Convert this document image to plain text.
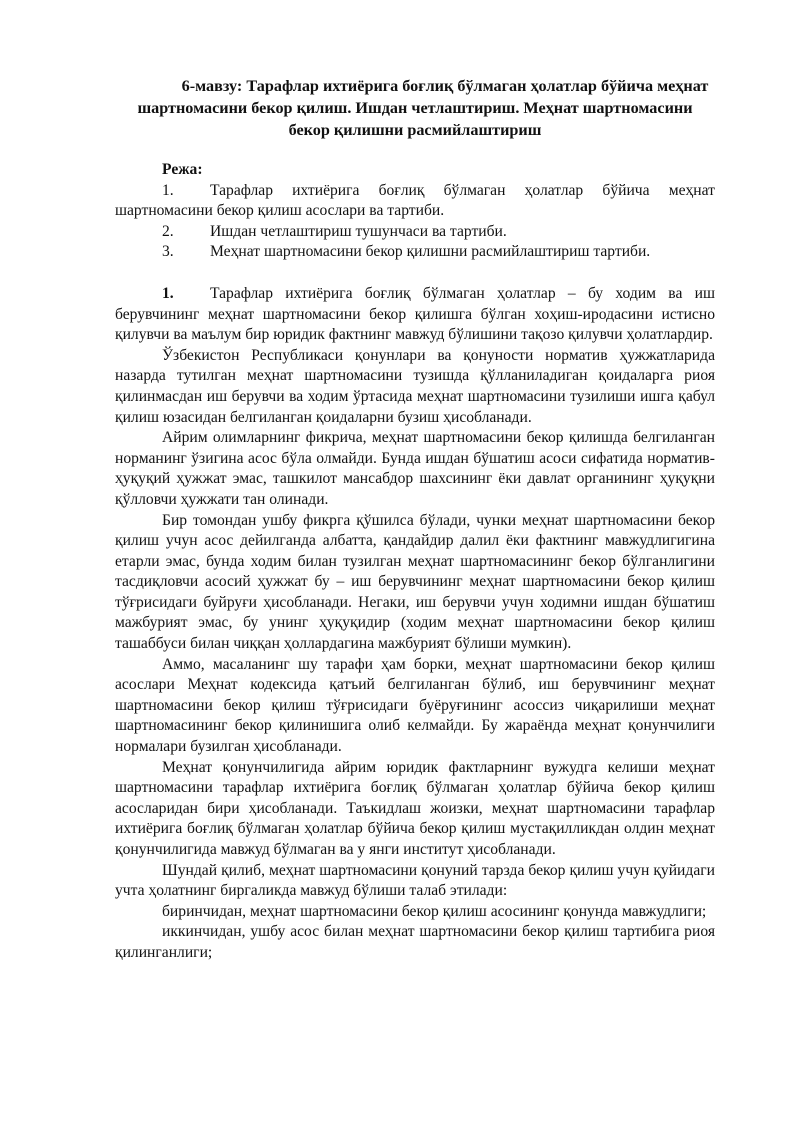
6-мавзу: Тарафлар ихтиёрига боғлиқ бўлмаган ҳолатлар бўйича меҳнат
шартномасини бекор қилиш. Ишдан четлаштириш. Меҳнат шартномасини
бекор қилишни расмийлаштириш
Режа:

1. Тарафлар ихтиёрига боғлиқ бўлмаган ҳолатлар бўйича меҳнат шартномасини бекор қилиш асослари ва тартиби.

2. Ишдан четлаштириш тушунчаси ва тартиби.

3. Меҳнат шартномасини бекор қилишни расмийлаштириш тартиби.

1. Тарафлар ихтиёрига боғлиқ бўлмаган ҳолатлар – бу ходим ва иш берувчининг меҳнат шартномасини бекор қилишга бўлган хоҳиш-иродасини истисно қилувчи ва маълум бир юридик фактнинг мавжуд бўлишини тақозо қилувчи ҳолатлардир.

Ўзбекистон Республикаси қонунлари ва қонуности норматив ҳужжатларида назарда тутилган меҳнат шартномасини тузишда қўлланиладиган қоидаларга риоя қилинмасдан иш берувчи ва ходим ўртасида меҳнат шартномасини тузилиши ишга қабул қилиш юзасидан белгиланган қоидаларни бузиш ҳисобланади.

Айрим олимларнинг фикрича, меҳнат шартномасини бекор қилишда белгиланган норманинг ўзигина асос бўла олмайди. Бунда ишдан бўшатиш асоси сифатида норматив-ҳуқуқий ҳужжат эмас, ташкилот мансабдор шахсининг ёки давлат органининг ҳуқуқни қўлловчи ҳужжати тан олинади.

Бир томондан ушбу фикрга қўшилса бўлади, чунки меҳнат шартномасини бекор қилиш учун асос дейилганда албатта, қандайдир далил ёки фактнинг мавжудлигигина етарли эмас, бунда ходим билан тузилган меҳнат шартномасининг бекор бўлганлигини тасдиқловчи асосий ҳужжат бу – иш берувчининг меҳнат шартномасини бекор қилиш тўғрисидаги буйруғи ҳисобланади. Негаки, иш берувчи учун ходимни ишдан бўшатиш мажбурият эмас, бу унинг ҳуқуқидир (ходим меҳнат шартномасини бекор қилиш ташаббуси билан чиққан ҳоллардагина мажбурият бўлиши мумкин).

Аммо, масаланинг шу тарафи ҳам борки, меҳнат шартномасини бекор қилиш асослари Меҳнат кодексида қатъий белгиланган бўлиб, иш берувчининг меҳнат шартномасини бекор қилиш тўғрисидаги буёруғининг асоссиз чиқарилиши меҳнат шартномасининг бекор қилинишига олиб келмайди. Бу жараёнда меҳнат қонунчилиги нормалари бузилган ҳисобланади.

Меҳнат қонунчилигида айрим юридик фактларнинг вужудга келиши меҳнат шартномасини тарафлар ихтиёрига боғлиқ бўлмаган ҳолатлар бўйича бекор қилиш асосларидан бири ҳисобланади. Таъкидлаш жоизки, меҳнат шартномасини тарафлар ихтиёрига боғлиқ бўлмаган ҳолатлар бўйича бекор қилиш мустақилликдан олдин меҳнат қонунчилигида мавжуд бўлмаган ва у янги институт ҳисобланади.

Шундай қилиб, меҳнат шартномасини қонуний тарзда бекор қилиш учун қуйидаги учта ҳолатнинг биргаликда мавжуд бўлиши талаб этилади:

биринчидан, меҳнат шартномасини бекор қилиш асосининг қонунда мавжудлиги;

иккинчидан, ушбу асос билан меҳнат шартномасини бекор қилиш тартибига риоя қилинганлиги;
